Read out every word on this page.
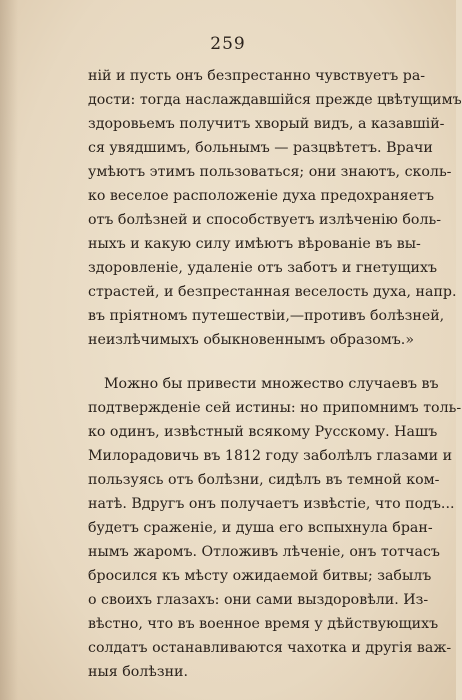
259
ній и пусть онъ безпрестанно чувствуетъ ра-
дости: тогда наслаждавшійся прежде цвѣтущимъ
здоровьемъ получитъ хворый видъ, а казавшій-
ся увядшимъ, больнымъ — разцвѣтетъ. Врачи
умѣютъ этимъ пользоваться; они знаютъ, сколь-
ко веселое расположеніе духа предохраняетъ
отъ болѣзней и способствуетъ излѣченію боль-
ныхъ и какую силу имѣютъ вѣрованіе въ вы-
здоровленіе, удаленіе отъ заботъ и гнетущихъ
страстей, и безпрестанная веселость духа, напр.
въ пріятномъ путешествіи,—противъ болѣзней,
неизлѣчимыхъ обыкновеннымъ образомъ.»
Можно бы привести множество случаевъ въ
подтвержденіе сей истины: но припомнимъ толь-
ко одинъ, извѣстный всякому Русскому. Нашъ
Милорадовичь въ 1812 году заболѣлъ глазами и
пользуясь отъ болѣзни, сидѣлъ въ темной ком-
натѣ. Вдругъ онъ получаетъ извѣстіе, что подъ...
будетъ сраженіе, и душа его вспыхнула бран-
нымъ жаромъ. Отложивъ лѣченіе, онъ тотчасъ
бросился къ мѣсту ожидаемой битвы; забылъ
о своихъ глазахъ: они сами выздоровѣли. Из-
вѣстно, что въ военное время у дѣйствующихъ
солдатъ останавливаются чахотка и другія важ-
ныя болѣзни.
